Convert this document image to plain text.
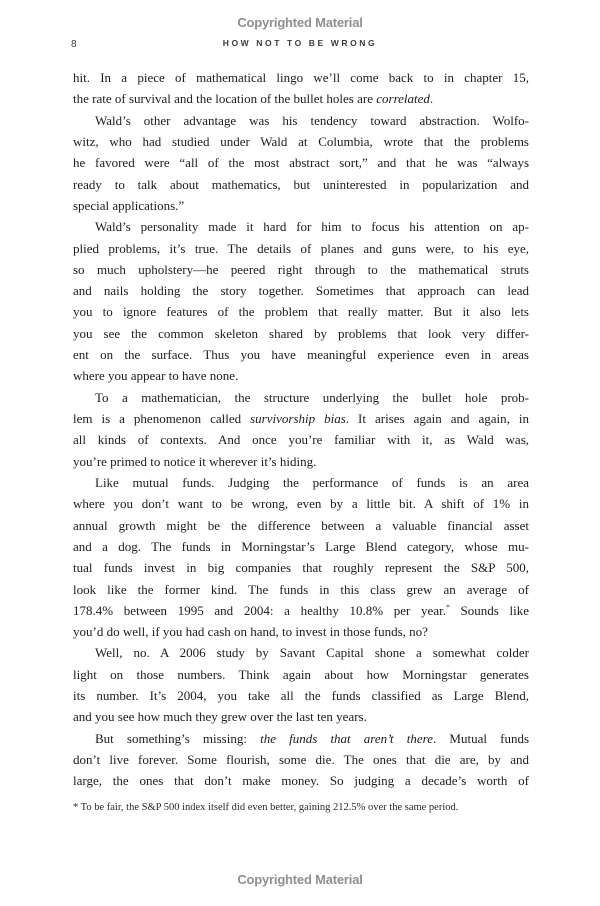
Copyrighted Material
8	HOW NOT TO BE WRONG
hit. In a piece of mathematical lingo we’ll come back to in chapter 15,
the rate of survival and the location of the bullet holes are correlated.
Wald’s other advantage was his tendency toward abstraction. Wolfo-
witz, who had studied under Wald at Columbia, wrote that the problems
he favored were “all of the most abstract sort,” and that he was “always
ready to talk about mathematics, but uninterested in popularization and
special applications.”
Wald’s personality made it hard for him to focus his attention on ap-
plied problems, it’s true. The details of planes and guns were, to his eye,
so much upholstery—he peered right through to the mathematical struts
and nails holding the story together. Sometimes that approach can lead
you to ignore features of the problem that really matter. But it also lets
you see the common skeleton shared by problems that look very differ-
ent on the surface. Thus you have meaningful experience even in areas
where you appear to have none.
To a mathematician, the structure underlying the bullet hole prob-
lem is a phenomenon called survivorship bias. It arises again and again, in
all kinds of contexts. And once you’re familiar with it, as Wald was,
you’re primed to notice it wherever it’s hiding.
Like mutual funds. Judging the performance of funds is an area
where you don’t want to be wrong, even by a little bit. A shift of 1% in
annual growth might be the difference between a valuable financial asset
and a dog. The funds in Morningstar’s Large Blend category, whose mu-
tual funds invest in big companies that roughly represent the S&P 500,
look like the former kind. The funds in this class grew an average of
178.4% between 1995 and 2004: a healthy 10.8% per year.* Sounds like
you’d do well, if you had cash on hand, to invest in those funds, no?
Well, no. A 2006 study by Savant Capital shone a somewhat colder
light on those numbers. Think again about how Morningstar generates
its number. It’s 2004, you take all the funds classified as Large Blend,
and you see how much they grew over the last ten years.
But something’s missing: the funds that aren’t there. Mutual funds
don’t live forever. Some flourish, some die. The ones that die are, by and
large, the ones that don’t make money. So judging a decade’s worth of
* To be fair, the S&P 500 index itself did even better, gaining 212.5% over the same period.
Copyrighted Material
